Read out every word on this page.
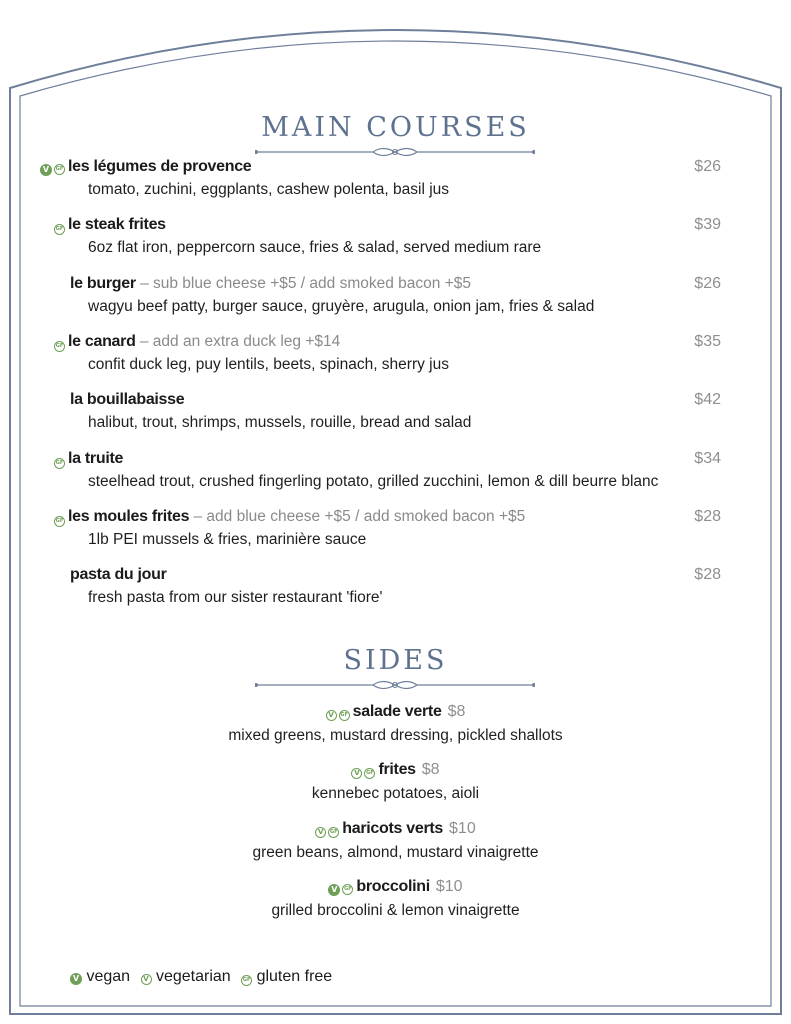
MAIN COURSES
V	GF les légumes de provence	$26
tomato, zuchini, eggplants, cashew polenta, basil jus
GF le steak frites	$39
6oz flat iron, peppercorn sauce, fries & salad, served medium rare
le burger – sub blue cheese +$5 / add smoked bacon +$5	$26
wagyu beef patty, burger sauce, gruyère, arugula, onion jam, fries & salad
GF le canard – add an extra duck leg +$14	$35
confit duck leg, puy lentils, beets, spinach, sherry jus
la bouillabaisse	$42
halibut, trout, shrimps, mussels, rouille, bread and salad
GF la truite	$34
steelhead trout, crushed fingerling potato, grilled zucchini, lemon & dill beurre blanc
GF les moules frites – add blue cheese +$5 / add smoked bacon +$5	$28
1lb PEI mussels & fries, marinière sauce
pasta du jour	$28
fresh pasta from our sister restaurant 'fiore'
SIDES
V	GF salade verte $8
mixed greens, mustard dressing, pickled shallots
V	GF frites $8
kennebec potatoes, aioli
V	GF haricots verts $10
green beans, almond, mustard vinaigrette
V	GF broccolini $10
grilled broccolini & lemon vinaigrette
V vegan V vegetarian GF gluten free
